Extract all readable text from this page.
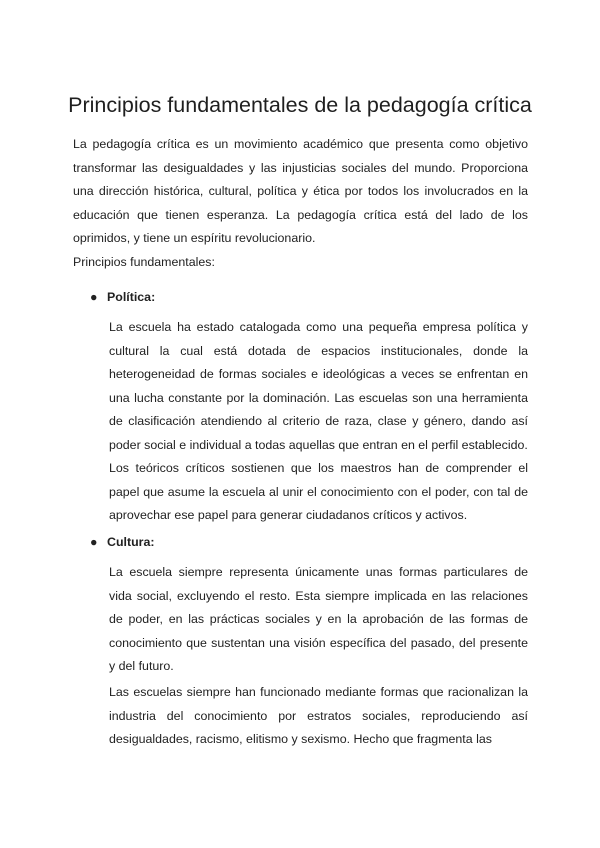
Principios fundamentales de la pedagogía crítica

La pedagogía crítica es un movimiento académico que presenta como objetivo transformar las desigualdades y las injusticias sociales del mundo. Proporciona una dirección histórica, cultural, política y ética por todos los involucrados en la educación que tienen esperanza. La pedagogía crítica está del lado de los oprimidos, y tiene un espíritu revolucionario.

Principios fundamentales:

● Política:

La escuela ha estado catalogada como una pequeña empresa política y cultural la cual está dotada de espacios institucionales, donde la heterogeneidad de formas sociales e ideológicas a veces se enfrentan en una lucha constante por la dominación. Las escuelas son una herramienta de clasificación atendiendo al criterio de raza, clase y género, dando así poder social e individual a todas aquellas que entran en el perfil establecido.

Los teóricos críticos sostienen que los maestros han de comprender el papel que asume la escuela al unir el conocimiento con el poder, con tal de aprovechar ese papel para generar ciudadanos críticos y activos.

● Cultura:

La escuela siempre representa únicamente unas formas particulares de vida social, excluyendo el resto. Esta siempre implicada en las relaciones de poder, en las prácticas sociales y en la aprobación de las formas de conocimiento que sustentan una visión específica del pasado, del presente y del futuro.

Las escuelas siempre han funcionado mediante formas que racionalizan la industria del conocimiento por estratos sociales, reproduciendo así desigualdades, racismo, elitismo y sexismo. Hecho que fragmenta las
